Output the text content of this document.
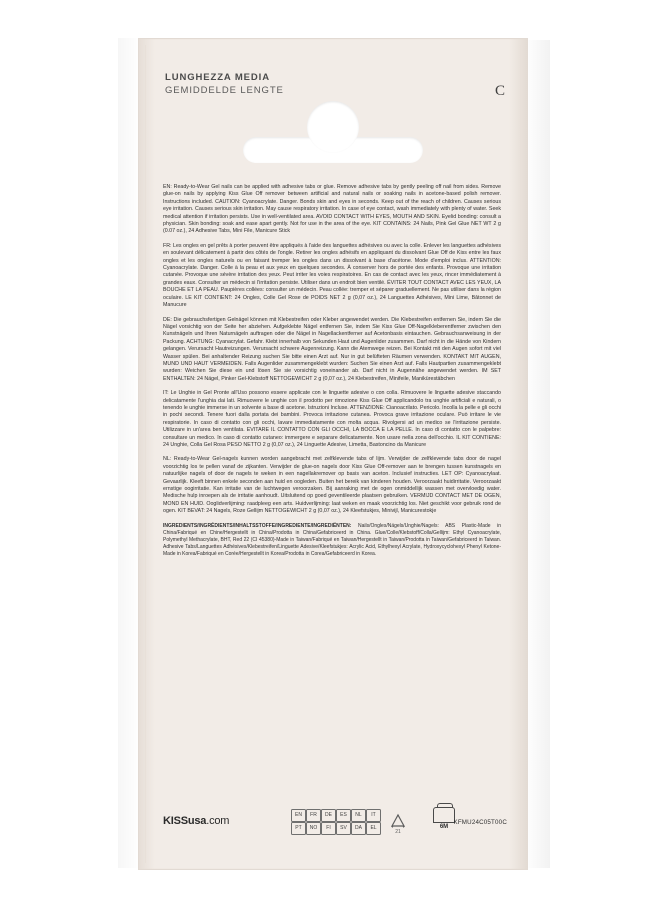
LUNGHEZZA MEDIA
GEMIDDELDE LENGTE	C
EN: Ready-to-Wear Gel nails can be applied with adhesive tabs or glue. Remove adhesive tabs by gently peeling off nail from sides. Remove glue-on nails by applying Kiss Glue Off remover between artificial and natural nails or soaking nails in acetone-based polish remover. Instructions included. CAUTION: Cyanoacrylate. Danger. Bonds skin and eyes in seconds. Keep out of the reach of children. Causes serious eye irritation. Causes serious skin irritation. May cause respiratory irritation. In case of eye contact, wash immediately with plenty of water. Seek medical attention if irritation persists. Use in well-ventilated area. AVOID CONTACT WITH EYES, MOUTH AND SKIN. Eyelid bonding: consult a physician. Skin bonding: soak and ease apart gently. Not for use in the area of the eye. KIT CONTAINS: 24 Nails, Pink Gel Glue NET WT 2 g (0.07 oz.), 24 Adhesive Tabs, Mini File, Manicure Stick
FR: Les ongles en gel prêts à porter peuvent être appliqués à l'aide des languettes adhésives ou avec la colle. Enlever les languettes adhésives en soulevant délicatement à partir des côtés de l'ongle. Retirer les ongles adhésifs en appliquant du dissolvant Glue Off de Kiss entre les faux ongles et les ongles naturels ou en faisant tremper les ongles dans un dissolvant à base d'acétone. Mode d'emploi inclus. ATTENTION: Cyanoacrylate. Danger. Colle à la peau et aux yeux en quelques secondes. À conserver hors de portée des enfants. Provoque une irritation cutanée. Provoque une sévère irritation des yeux. Peut irriter les voies respiratoires. En cas de contact avec les yeux, rincer immédiatement à grandes eaux. Consulter un médecin si l'irritation persiste. Utiliser dans un endroit bien ventilé. ÉVITER TOUT CONTACT AVEC LES YEUX, LA BOUCHE ET LA PEAU. Paupières collées: consulter un médecin. Peau collée: tremper et séparer graduellement. Ne pas utiliser dans la région oculaire. LE KIT CONTIENT: 24 Ongles, Colle Gel Rose de POIDS NET 2 g (0,07 oz.), 24 Languettes Adhésives, Mini Lime, Bâtonnet de Manucure
DE: Die gebrauchsfertigen Gelnägel können mit Klebestreifen oder Kleber angewendet werden. Die Klebestreifen entfernen Sie, indem Sie die Nägel vorsichtig von der Seite her abziehen. Aufgeklebte Nägel entfernen Sie, indem Sie Kiss Glue Off-Nagelkleberentferner zwischen den Kunstnägeln und Ihren Naturnägeln auftragen oder die Nägel in Nagellackentferner auf Acetonbasis eintauchen. Gebrauchsanweisung in der Packung. ACHTUNG: Cyanacrylat. Gefahr. Klebt innerhalb von Sekunden Haut und Augenlider zusammen. Darf nicht in die Hände von Kindern gelangen. Verursacht Hautreizungen. Verursacht schwere Augenreizung. Kann die Atemwege reizen. Bei Kontakt mit den Augen sofort mit viel Wasser spülen. Bei anhaltender Reizung suchen Sie bitte einen Arzt auf. Nur in gut belüfteten Räumen verwenden. KONTAKT MIT AUGEN, MUND UND HAUT VERMEIDEN. Falls Augenlider zusammengeklebt wurden: Suchen Sie einen Arzt auf. Falls Hautpartien zusammengeklebt wurden: Weichen Sie diese ein und lösen Sie sie vorsichtig voneinander ab. Darf nicht in Augennähe angewendet werden. IM SET ENTHALTEN: 24 Nägel, Pinker Gel-Klebstoff NETTOGEWICHT 2 g (0,07 oz.), 24 Klebestreifen, Minifeile, Manikürestäbchen
IT: Le Unghie in Gel Pronte all'Uso possono essere applicate con le linguette adesive o con colla. Rimuovere le linguette adesive staccando delicatamente l'unghia dai lati. Rimuovere le unghie con il prodotto per rimozione Kiss Glue Off applicandolo tra unghie artificiali e naturali, o tenendo le unghie immerse in un solvente a base di acetone. Istruzioni Incluse. ATTENZIONE: Cianoacrilato. Pericolo. Incolla la pelle e gli occhi in pochi secondi. Tenere fuori dalla portata dei bambini. Provoca irritazione cutanea. Provoca grave irritazione oculare. Può irritare le vie respiratorie. In caso di contatto con gli occhi, lavare immediatamente con molta acqua. Rivolgersi ad un medico se l'irritazione persiste. Utilizzare in un'area ben ventilata. EVITARE IL CONTATTO CON GLI OCCHI, LA BOCCA E LA PELLE. In caso di contatto con le palpebre: consultare un medico. In caso di contatto cutaneo: immergere e separare delicatamente. Non usare nella zona dell'occhio. IL KIT CONTIENE: 24 Unghie, Colla Gel Rosa PESO NETTO 2 g (0,07 oz.), 24 Linguette Adesive, Limetta, Bastoncino da Manicure
NL: Ready-to-Wear Gel-nagels kunnen worden aangebracht met zelfklevende tabs of lijm. Verwijder de zelfklevende tabs door de nagel voorzichtig los te pellen vanaf de zijkanten. Verwijder de glue-on nagels door Kiss Glue Off-remover aan te brengen tussen kunstnagels en natuurlijke nagels of door de nagels te weken in een nagellakremover op basis van aceton. Inclusief instructies. LET OP: Cyanoacrylaat. Gevaarlijk. Kleeft binnen enkele seconden aan huid en oogleden. Buiten het bereik van kinderen houden. Veroorzaakt huidirritatie. Veroorzaakt ernstige oogirritatie. Kan irritatie van de luchtwegen veroorzaken. Bij aanraking met de ogen onmiddellijk wassen met overvloedig water. Medische hulp inroepen als de irritatie aanhoudt. Uitsluitend op goed geventileerde plaatsen gebruiken. VERMIJD CONTACT MET DE OGEN, MOND EN HUID. Ooglidverlijming: raadpleeg een arts. Huidverlijming: laat weken en maak voorzichtig los. Niet geschikt voor gebruik rond de ogen. KIT BEVAT: 24 Nagels, Roze Gellijm NETTOGEWICHT 2 g (0,07 oz.), 24 Kleefstukjes, Minivijl, Manicurestokje
INGREDIENTS/INGRÉDIENTS/INHALTSSTOFFE/INGREDIENTE/INGREDIËNTEN: Nails/Ongles/Nägels/Unghie/Nagels: ABS Plastic-Made in China/Fabriqué en Chine/Hergestellt in China/Prodotta in China/Gefabriceerd in China. Glue/Colle/Klebstoff/Colla/Gellijm: Ethyl Cyanoacrylate, Polymethyl Methacrylate, BHT, Red 22 (CI 45380)-Made in Taiwan/Fabriqué en Taiwan/Hergestellt in Taiwan/Prodotta in Taiwan/Gefabriceerd in Taiwan. Adhesive Tabs/Languettes Adhésives/Klebestreifen/Linguette Adesive/Kleefstukjes: Acrylic Acid, Ethylhexyl Acrylate, Hydroxycyclohexyl Phenyl Ketone-Made in Korea/Fabriqué en Corée/Hergestellt in Korea/Prodotta in Corea/Gefabriceerd in Korea.
KISSusa.com	EN	FR	DE	ES	NL	IT
PT	NO	FI	SV	DA	EL
21
6M
KFMU24C05T00C
